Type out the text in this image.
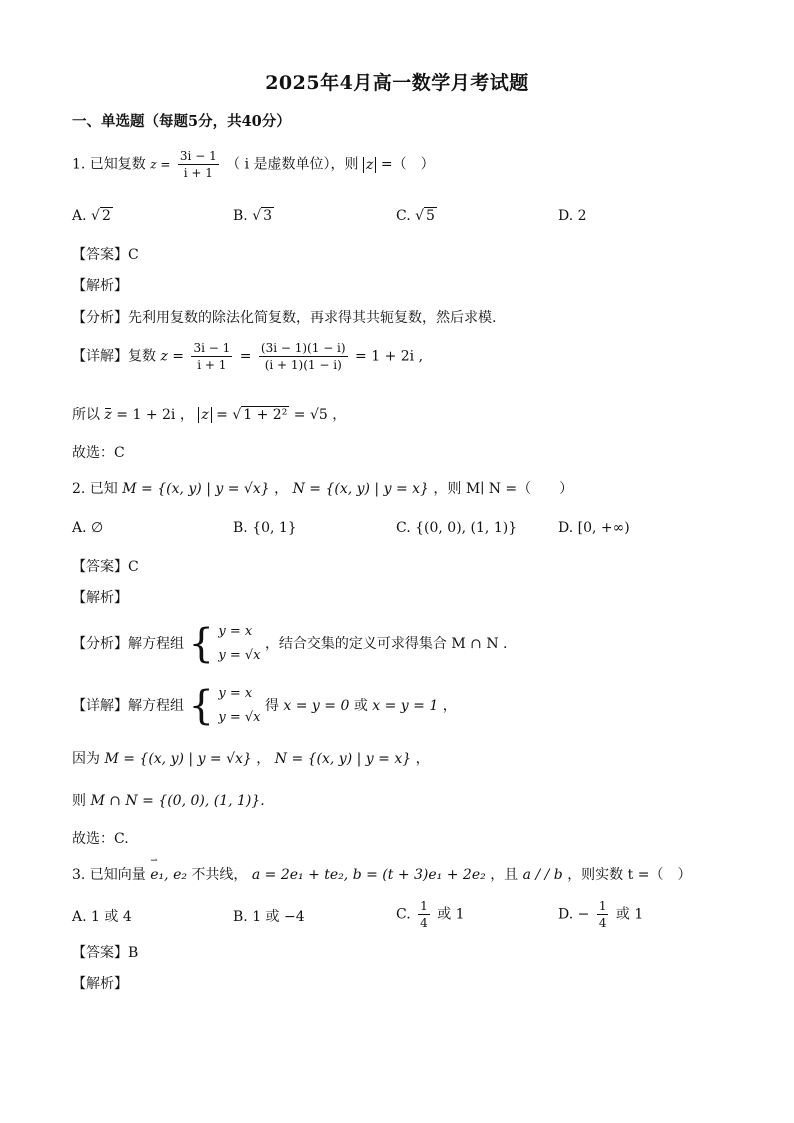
2025年4月高一数学月考试题
一、单选题（每题5分，共40分）
1. 已知复数 $z = \frac{3i - 1}{i + 1}$ （ i 是虚数单位），则 z =（　）
A. √ 2	B. √ 3	C. √ 5	D. 2
【答案】C
【解析】
【分析】先利用复数的除法化简复数，再求得其共轭复数，然后求模.
【详解】复数 $z = \frac{3i - 1}{i + 1} = \frac{(3i - 1)(1 - i)}{(i + 1)(1 - i)} = 1 + 2i$ ,
所以 z = 1 + 2i ， z = √ 1 + 2² = √5 ，
故选：C
2. 已知 M = {(x, y) | y = √x} ， N = {(x, y) | y = x} ，则 M∣ N =（　　）
A. ∅	B. {0, 1}	C. {(0, 0), (1, 1)}	D. [0, +∞)
【答案】C
【解析】
【分析】解方程组 { y = x
y = √x
，结合交集的定义可求得集合 M ∩ N .
【详解】解方程组 { y = x
y = √x
得 x = y = 0 或 x = y = 1 ，
因为 M = {(x, y) | y = √x} ， N = {(x, y) | y = x} ，
则 M ∩ N = {(0, 0), (1, 1)}.
故选：C.
3. 已知向量 ⇀ e₁, e₂ 不共线， a = 2e₁ + te₂, b = (t + 3)e₁ + 2e₂ ，且 a / / b ，则实数 t =（　）
A. 1 或 4	B. 1 或 −4	C. $\frac{1}{4}$ 或 1	D. − $\frac{1}{4}$ 或 1
【答案】B
【解析】
